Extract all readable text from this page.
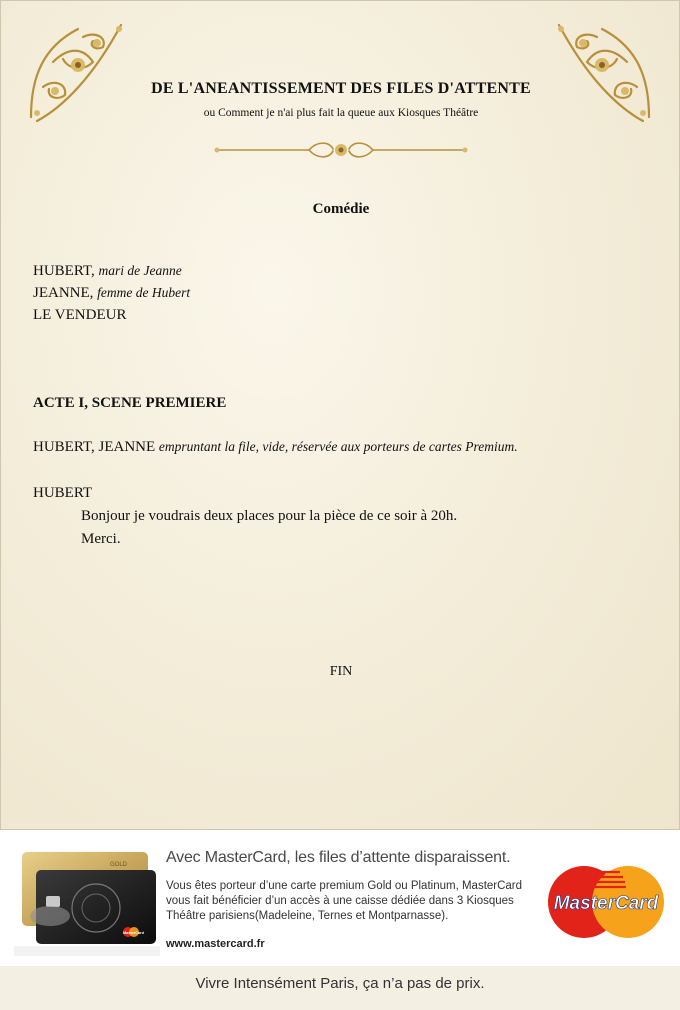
DE L'ANEANTISSEMENT DES FILES D'ATTENTE
ou Comment je n'ai plus fait la queue aux Kiosques Théâtre
Comédie
HUBERT, mari de Jeanne
JEANNE, femme de Hubert
LE VENDEUR
ACTE I, SCENE PREMIERE
HUBERT, JEANNE empruntant la file, vide, réservée aux porteurs de cartes Premium.
HUBERT
Bonjour je voudrais deux places pour la pièce de ce soir à 20h.
Merci.
FIN
GOLD
MasterCard
Avec MasterCard, les files d’attente disparaissent.
Vous êtes porteur d’une carte premium Gold ou Platinum, MasterCard vous fait bénéficier d’un accès à une caisse dédiée dans 3 Kiosques Théâtre parisiens(Madeleine, Ternes et Montparnasse).
www.mastercard.fr
MasterCard
Vivre Intensément Paris, ça n’a pas de prix.
